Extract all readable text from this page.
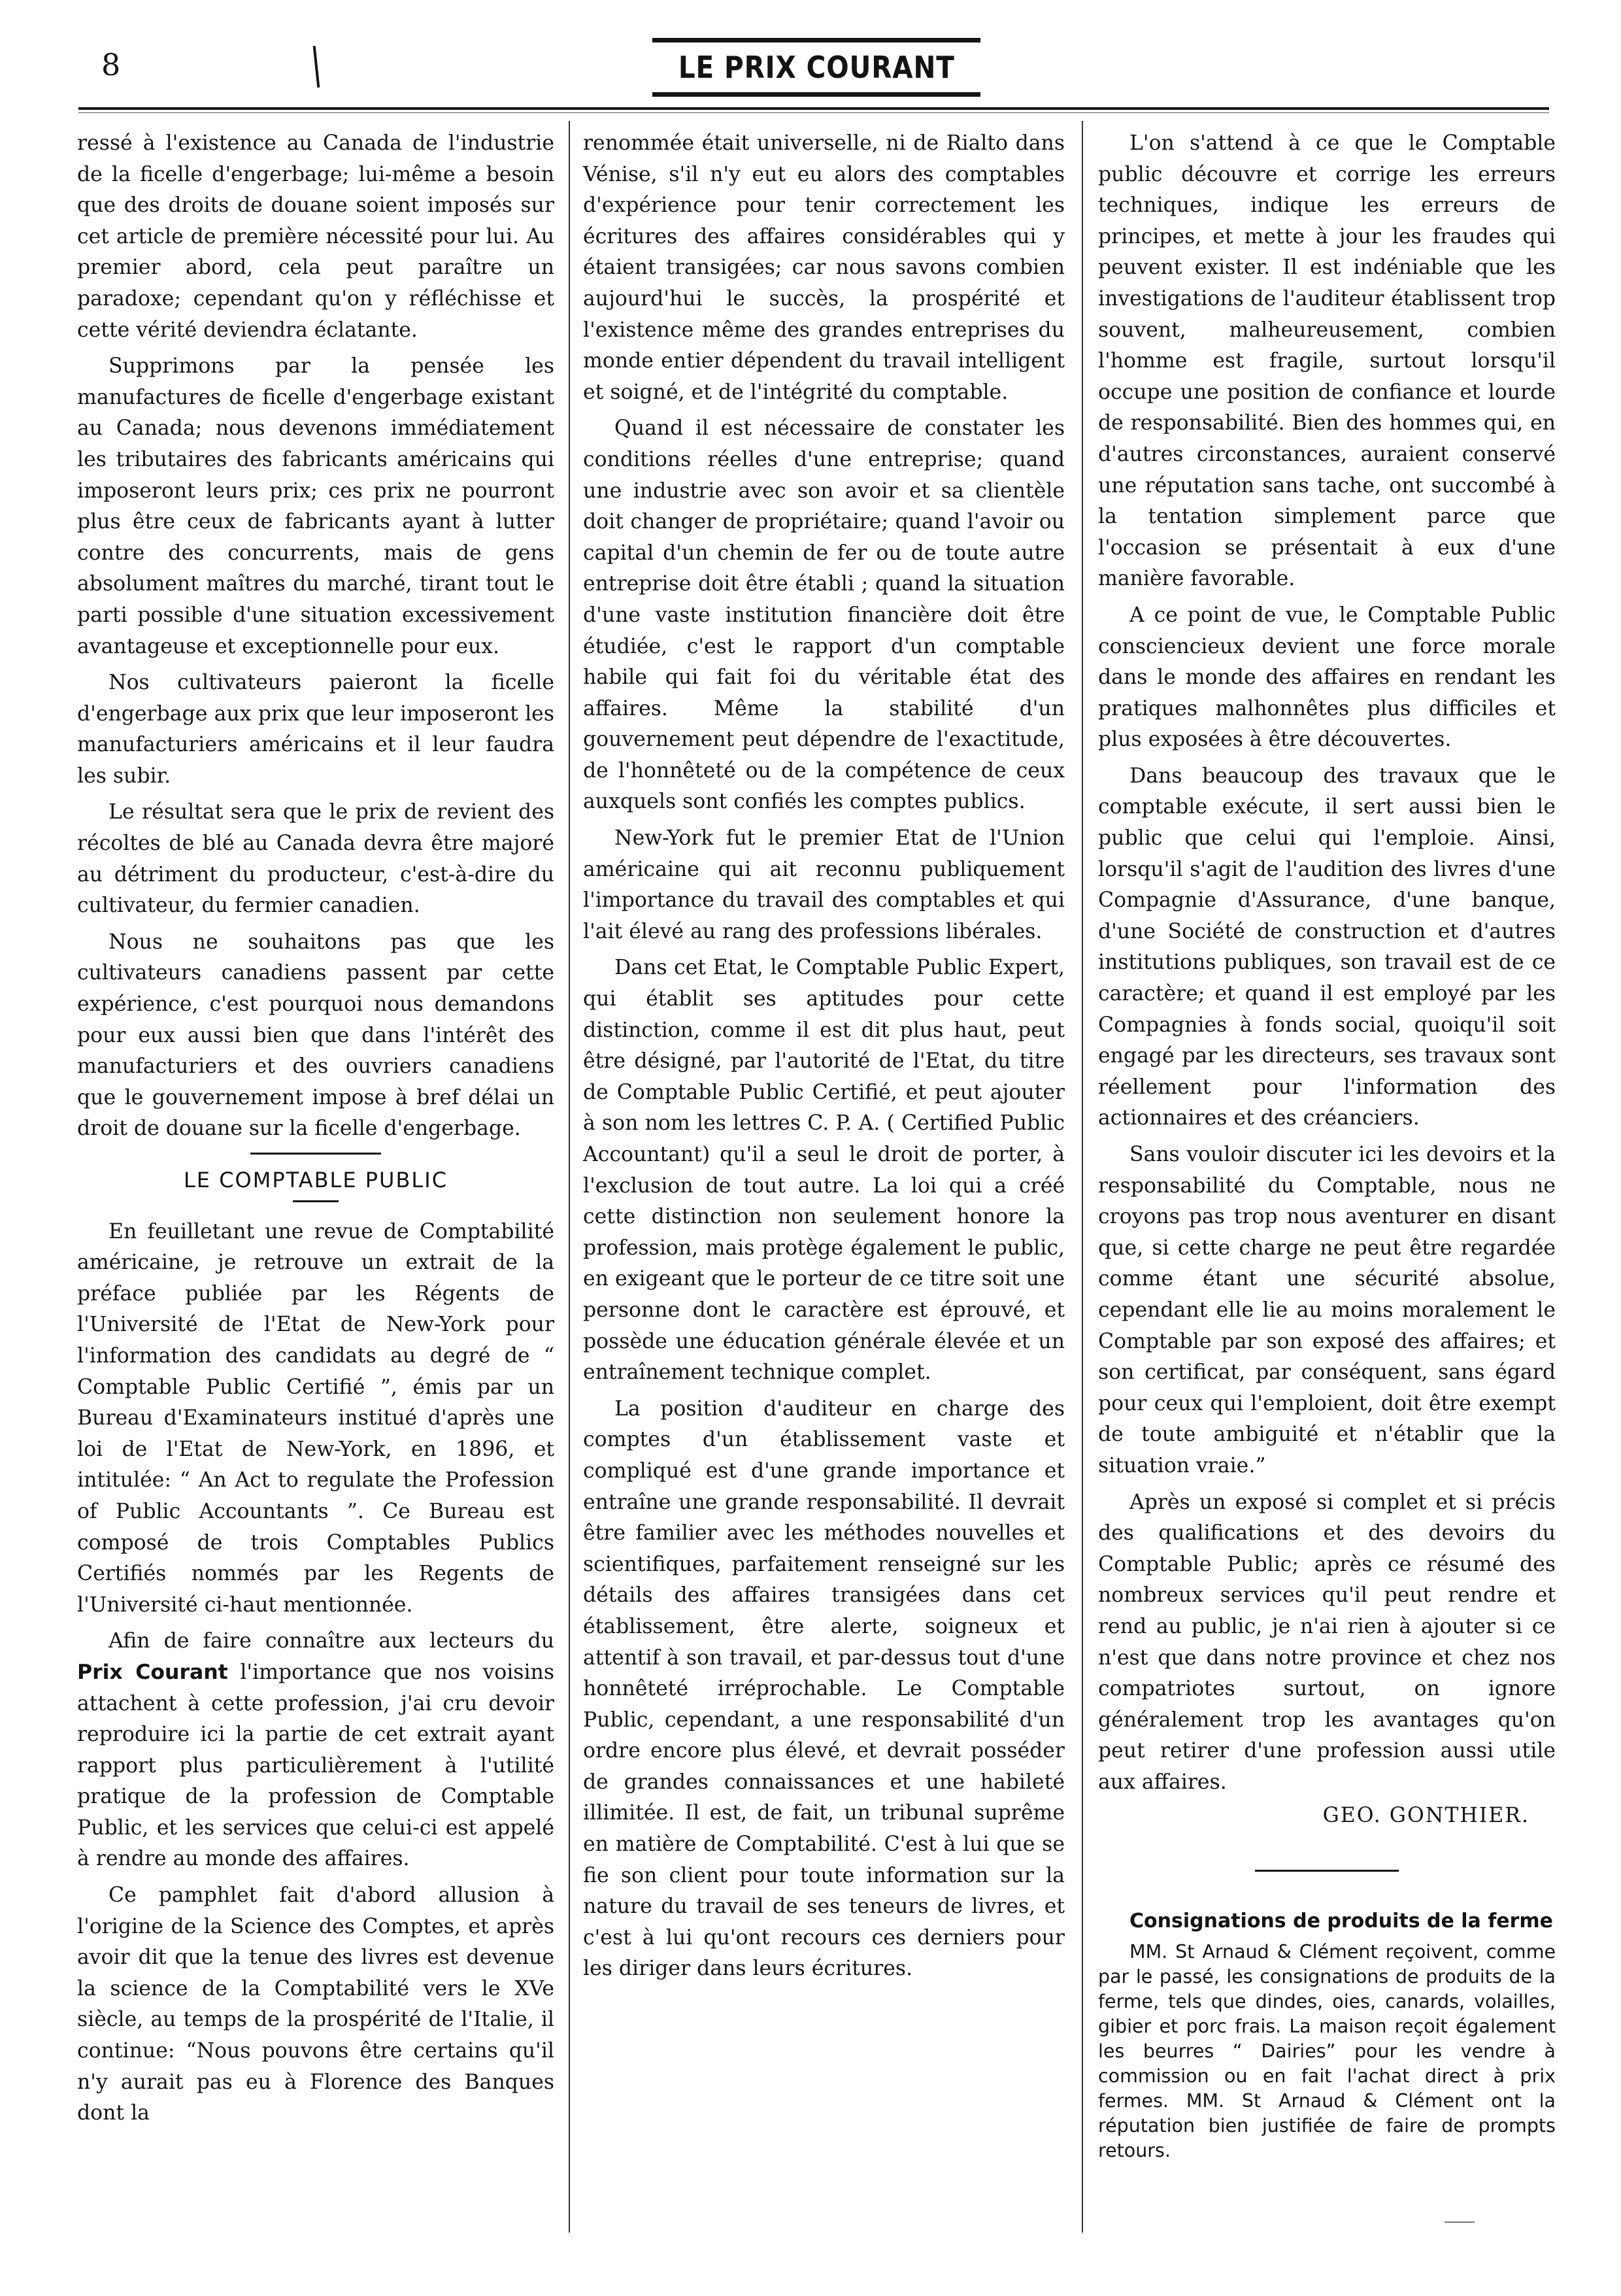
8	LE PRIX COURANT

ressé à l'existence au Canada de l'industrie de la ficelle d'engerbage; lui-même a besoin que des droits de douane soient imposés sur cet article de première nécessité pour lui. Au premier abord, cela peut paraître un paradoxe; cependant qu'on y réfléchisse et cette vérité deviendra éclatante.

Supprimons par la pensée les manufactures de ficelle d'engerbage existant au Canada; nous devenons immédiatement les tributaires des fabricants américains qui imposeront leurs prix; ces prix ne pourront plus être ceux de fabricants ayant à lutter contre des concurrents, mais de gens absolument maîtres du marché, tirant tout le parti possible d'une situation excessivement avantageuse et exceptionnelle pour eux.

Nos cultivateurs paieront la ficelle d'engerbage aux prix que leur imposeront les manufacturiers américains et il leur faudra les subir.

Le résultat sera que le prix de revient des récoltes de blé au Canada devra être majoré au détriment du producteur, c'est-à-dire du cultivateur, du fermier canadien.

Nous ne souhaitons pas que les cultivateurs canadiens passent par cette expérience, c'est pourquoi nous demandons pour eux aussi bien que dans l'intérêt des manufacturiers et des ouvriers canadiens que le gouvernement impose à bref délai un droit de douane sur la ficelle d'engerbage.

LE COMPTABLE PUBLIC

En feuilletant une revue de Comptabilité américaine, je retrouve un extrait de la préface publiée par les Régents de l'Université de l'Etat de New-York pour l'information des candidats au degré de “ Comptable Public Certifié ”, émis par un Bureau d'Examinateurs institué d'après une loi de l'Etat de New-York, en 1896, et intitulée: “ An Act to regulate the Profession of Public Accountants ”. Ce Bureau est composé de trois Comptables Publics Certifiés nommés par les Regents de l'Université ci-haut mentionnée.

Afin de faire connaître aux lecteurs du Prix Courant l'importance que nos voisins attachent à cette profession, j'ai cru devoir reproduire ici la partie de cet extrait ayant rapport plus particulièrement à l'utilité pratique de la profession de Comptable Public, et les services que celui-ci est appelé à rendre au monde des affaires.

Ce pamphlet fait d'abord allusion à l'origine de la Science des Comptes, et après avoir dit que la tenue des livres est devenue la science de la Comptabilité vers le XVe siècle, au temps de la prospérité de l'Italie, il continue: “Nous pouvons être certains qu'il n'y aurait pas eu à Florence des Banques dont la

renommée était universelle, ni de Rialto dans Vénise, s'il n'y eut eu alors des comptables d'expérience pour tenir correctement les écritures des affaires considérables qui y étaient transigées; car nous savons combien aujourd'hui le succès, la prospérité et l'existence même des grandes entreprises du monde entier dépendent du travail intelligent et soigné, et de l'intégrité du comptable.

Quand il est nécessaire de constater les conditions réelles d'une entreprise; quand une industrie avec son avoir et sa clientèle doit changer de propriétaire; quand l'avoir ou capital d'un chemin de fer ou de toute autre entreprise doit être établi ; quand la situation d'une vaste institution financière doit être étudiée, c'est le rapport d'un comptable habile qui fait foi du véritable état des affaires. Même la stabilité d'un gouvernement peut dépendre de l'exactitude, de l'honnêteté ou de la compétence de ceux auxquels sont confiés les comptes publics.

New-York fut le premier Etat de l'Union américaine qui ait reconnu publiquement l'importance du travail des comptables et qui l'ait élevé au rang des professions libérales.

Dans cet Etat, le Comptable Public Expert, qui établit ses aptitudes pour cette distinction, comme il est dit plus haut, peut être désigné, par l'autorité de l'Etat, du titre de Comptable Public Certifié, et peut ajouter à son nom les lettres C. P. A. ( Certified Public Accountant) qu'il a seul le droit de porter, à l'exclusion de tout autre. La loi qui a créé cette distinction non seulement honore la profession, mais protège également le public, en exigeant que le porteur de ce titre soit une personne dont le caractère est éprouvé, et possède une éducation générale élevée et un entraînement technique complet.

La position d'auditeur en charge des comptes d'un établissement vaste et compliqué est d'une grande importance et entraîne une grande responsabilité. Il devrait être familier avec les méthodes nouvelles et scientifiques, parfaitement renseigné sur les détails des affaires transigées dans cet établissement, être alerte, soigneux et attentif à son travail, et par-dessus tout d'une honnêteté irréprochable. Le Comptable Public, cependant, a une responsabilité d'un ordre encore plus élevé, et devrait posséder de grandes connaissances et une habileté illimitée. Il est, de fait, un tribunal suprême en matière de Comptabilité. C'est à lui que se fie son client pour toute information sur la nature du travail de ses teneurs de livres, et c'est à lui qu'ont recours ces derniers pour les diriger dans leurs écritures.

L'on s'attend à ce que le Comptable public découvre et corrige les erreurs techniques, indique les erreurs de principes, et mette à jour les fraudes qui peuvent exister. Il est indéniable que les investigations de l'auditeur établissent trop souvent, malheureusement, combien l'homme est fragile, surtout lorsqu'il occupe une position de confiance et lourde de responsabilité. Bien des hommes qui, en d'autres circonstances, auraient conservé une réputation sans tache, ont succombé à la tentation simplement parce que l'occasion se présentait à eux d'une manière favorable.

A ce point de vue, le Comptable Public consciencieux devient une force morale dans le monde des affaires en rendant les pratiques malhonnêtes plus difficiles et plus exposées à être découvertes.

Dans beaucoup des travaux que le comptable exécute, il sert aussi bien le public que celui qui l'emploie. Ainsi, lorsqu'il s'agit de l'audition des livres d'une Compagnie d'Assurance, d'une banque, d'une Société de construction et d'autres institutions publiques, son travail est de ce caractère; et quand il est employé par les Compagnies à fonds social, quoiqu'il soit engagé par les directeurs, ses travaux sont réellement pour l'information des actionnaires et des créanciers.

Sans vouloir discuter ici les devoirs et la responsabilité du Comptable, nous ne croyons pas trop nous aventurer en disant que, si cette charge ne peut être regardée comme étant une sécurité absolue, cependant elle lie au moins moralement le Comptable par son exposé des affaires; et son certificat, par conséquent, sans égard pour ceux qui l'emploient, doit être exempt de toute ambiguité et n'établir que la situation vraie.”

Après un exposé si complet et si précis des qualifications et des devoirs du Comptable Public; après ce résumé des nombreux services qu'il peut rendre et rend au public, je n'ai rien à ajouter si ce n'est que dans notre province et chez nos compatriotes surtout, on ignore généralement trop les avantages qu'on peut retirer d'une profession aussi utile aux affaires.

GEO. GONTHIER.

Consignations de produits de la ferme

MM. St Arnaud & Clément reçoivent, comme par le passé, les consignations de produits de la ferme, tels que dindes, oies, canards, volailles, gibier et porc frais. La maison reçoit également les beurres “ Dairies” pour les vendre à commission ou en fait l'achat direct à prix fermes. MM. St Arnaud & Clément ont la réputation bien justifiée de faire de prompts retours.
